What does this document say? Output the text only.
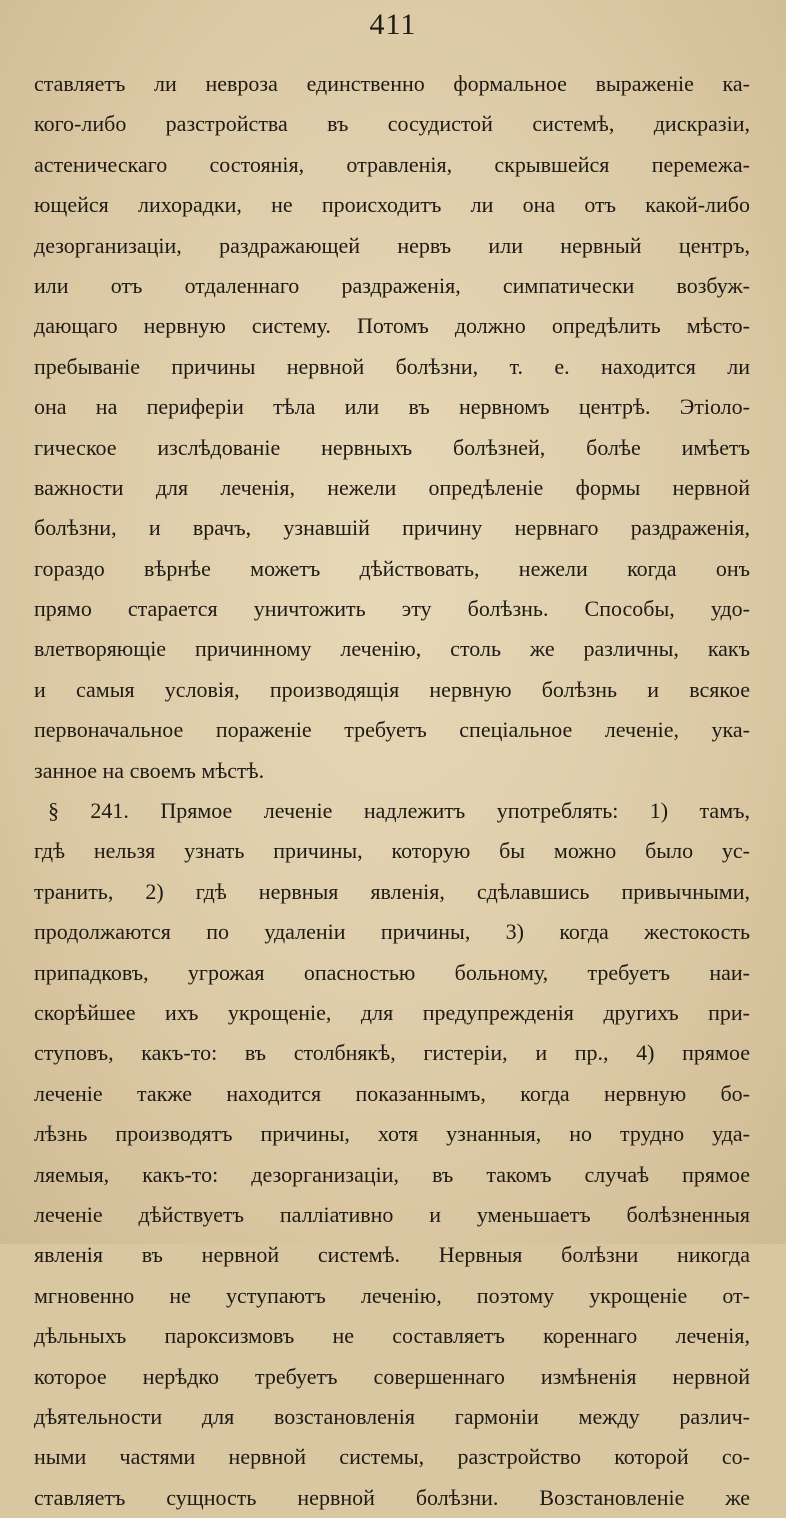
411
ставляетъ ли невроза единственно формальное выраженіе ка-
кого-либо разстройства въ сосудистой системѣ, дискразіи,
астеническаго состоянія, отравленія, скрывшейся перемежа-
ющейся лихорадки, не происходитъ ли она отъ какой-либо
дезорганизаціи, раздражающей нервъ или нервный центръ,
или отъ отдаленнаго раздраженія, симпатически возбуж-
дающаго нервную систему. Потомъ должно опредѣлить мѣсто-
пребываніе причины нервной болѣзни, т. е. находится ли
она на периферіи тѣла или въ нервномъ центрѣ. Этіоло-
гическое изслѣдованіе нервныхъ болѣзней, болѣе имѣетъ
важности для леченія, нежели опредѣленіе формы нервной
болѣзни, и врачъ, узнавшій причину нервнаго раздраженія,
гораздо вѣрнѣе можетъ дѣйствовать, нежели когда онъ
прямо старается уничтожить эту болѣзнь. Способы, удо-
влетворяющіе причинному леченію, столь же различны, какъ
и самыя условія, производящія нервную болѣзнь и всякое
первоначальное пораженіе требуетъ спеціальное леченіе, ука-
занное на своемъ мѣстѣ.
§ 241. Прямое леченіе надлежитъ употреблять: 1) тамъ,
гдѣ нельзя узнать причины, которую бы можно было ус-
транить, 2) гдѣ нервныя явленія, сдѣлавшись привычными,
продолжаются по удаленіи причины, 3) когда жестокость
припадковъ, угрожая опасностью больному, требуетъ наи-
скорѣйшее ихъ укрощеніе, для предупрежденія другихъ при-
ступовъ, какъ-то: въ столбнякѣ, гистеріи, и пр., 4) прямое
леченіе также находится показаннымъ, когда нервную бо-
лѣзнь производятъ причины, хотя узнанныя, но трудно уда-
ляемыя, какъ-то: дезорганизаціи, въ такомъ случаѣ прямое
леченіе дѣйствуетъ паллiативно и уменьшаетъ болѣзненныя
явленія въ нервной системѣ. Нервныя болѣзни никогда
мгновенно не уступаютъ леченію, поэтому укрощеніе от-
дѣльныхъ пароксизмовъ не составляетъ кореннаго леченія,
которое нерѣдко требуетъ совершеннаго измѣненія нервной
дѣятельности для возстановленія гармоніи между различ-
ными частями нервной системы, разстройство которой со-
ставляетъ сущность нервной болѣзни. Возстановленіе же
